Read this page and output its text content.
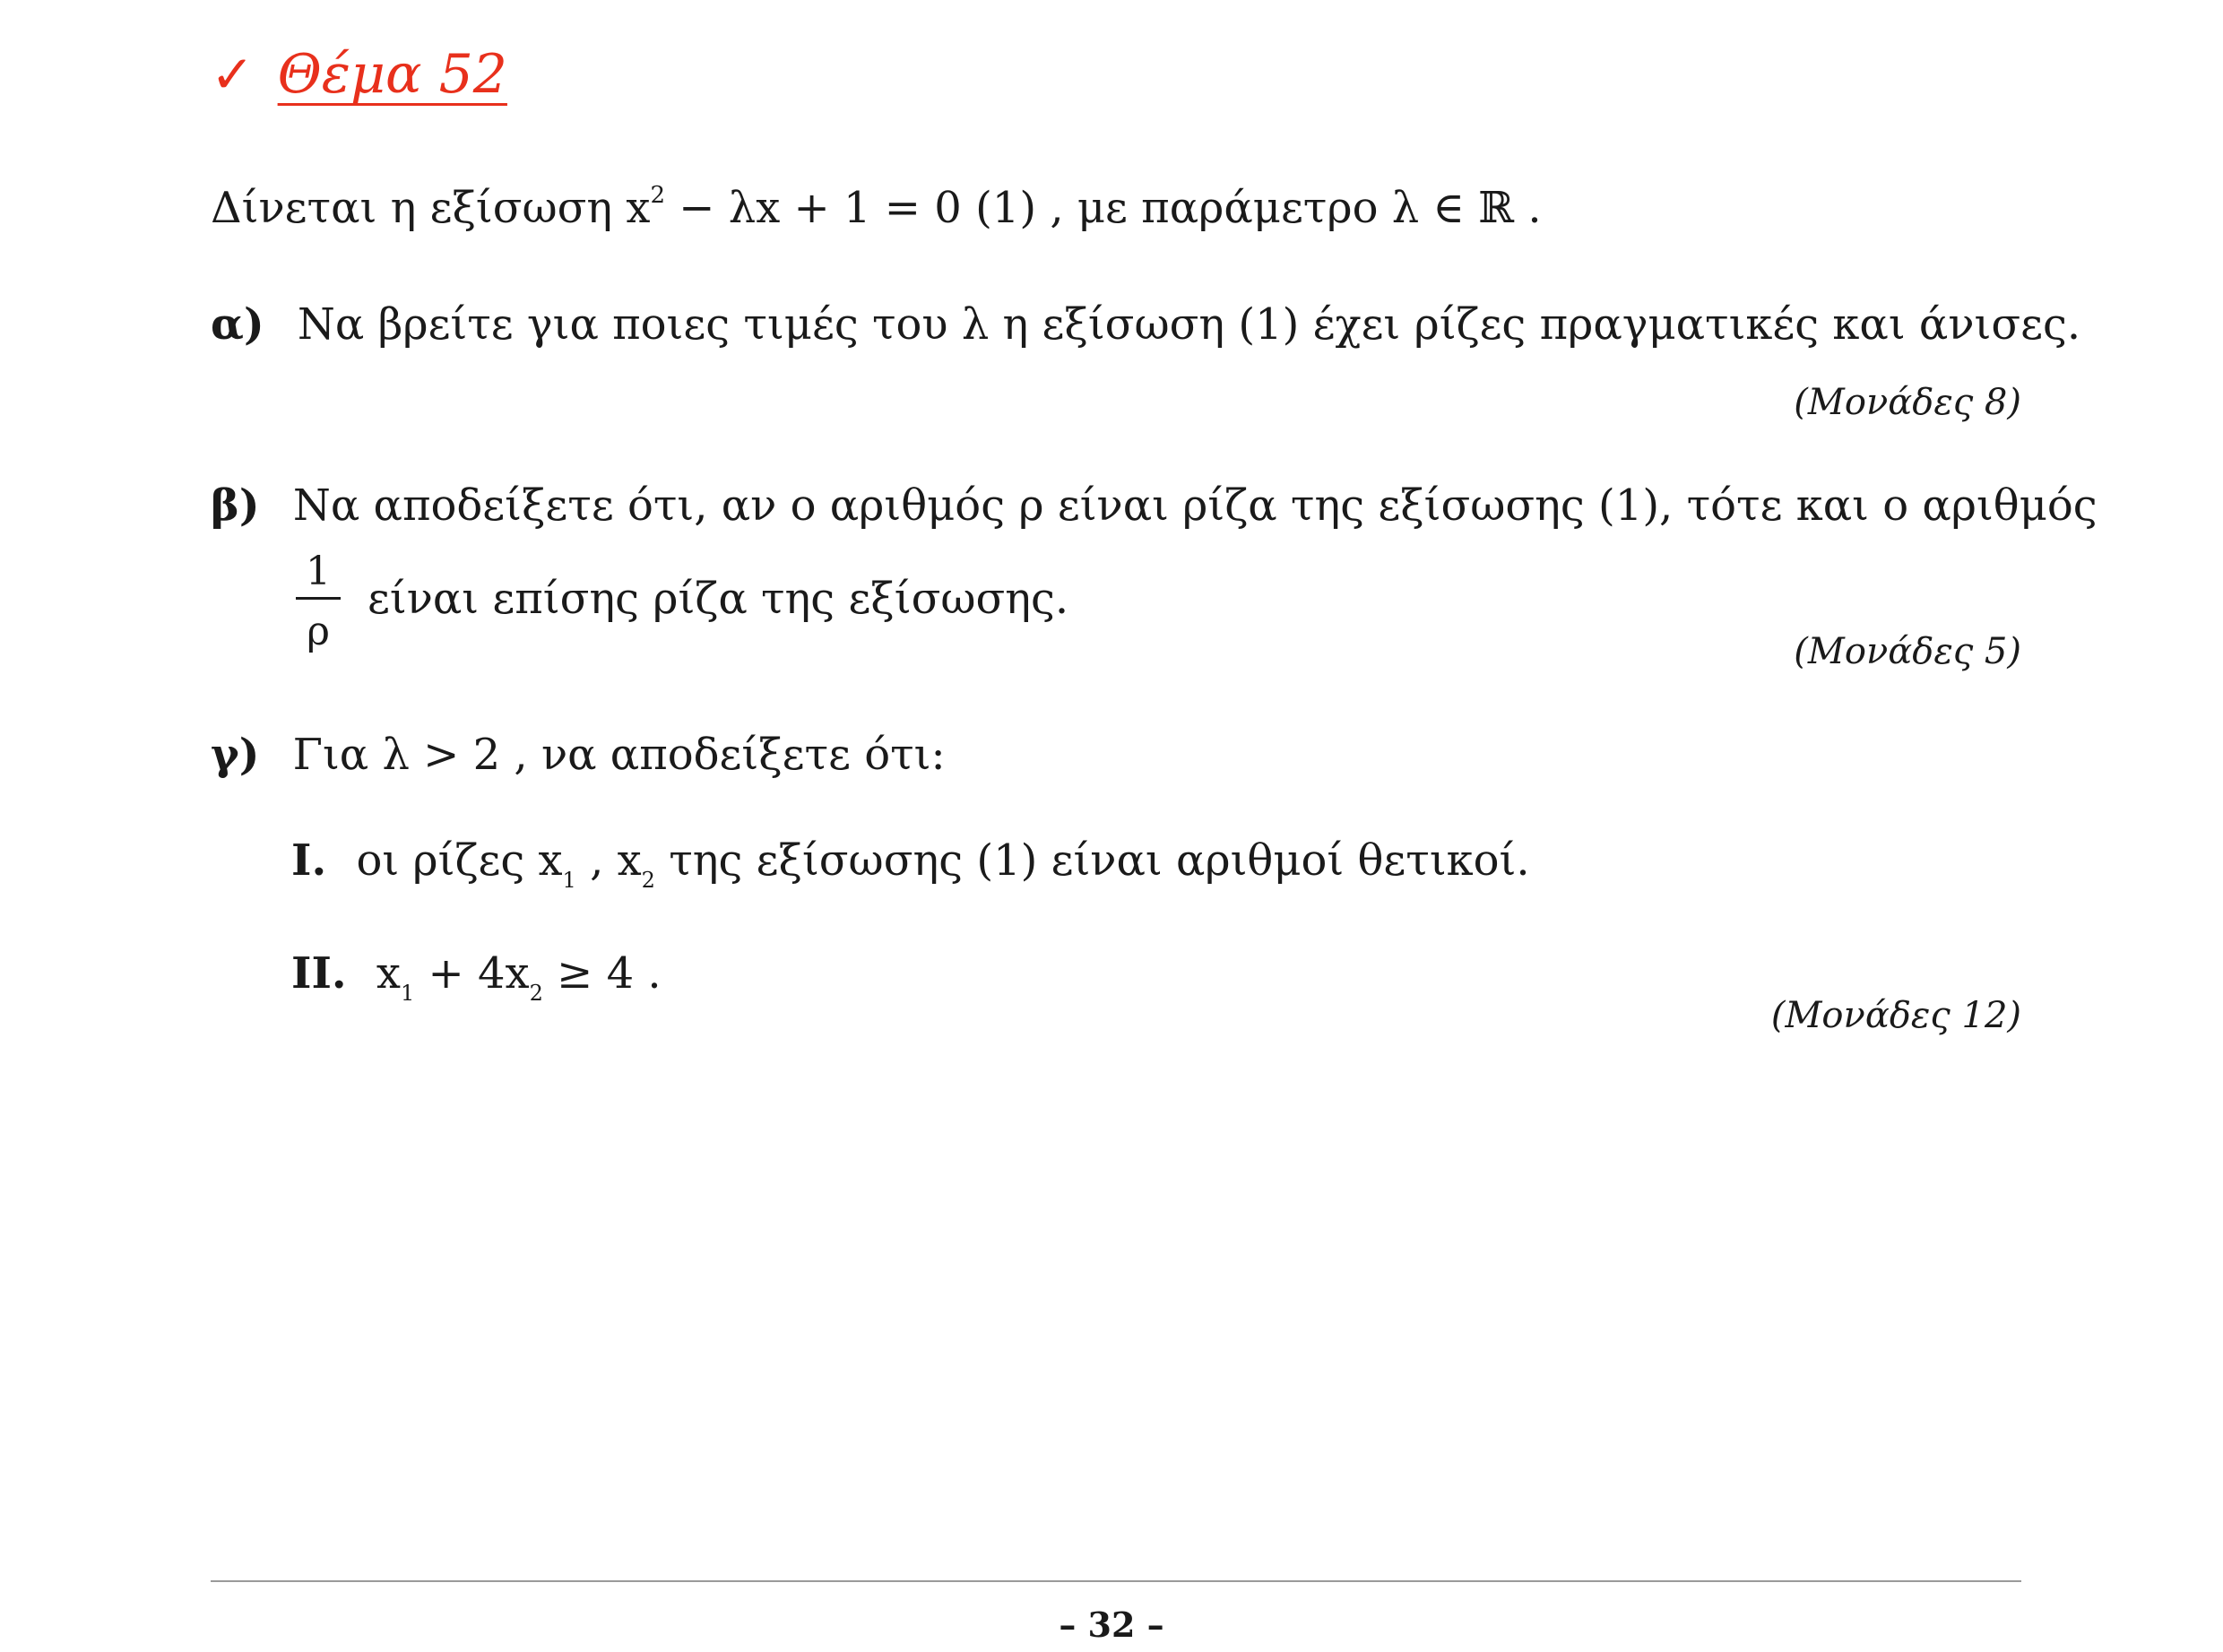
✓ Θέμα 52
Δίνεται η εξίσωση $x^2 - \lambda x + 1 = 0$ (1) , με παράμετρο λ ∈ ℝ .
α) Να βρείτε για ποιες τιμές του λ η εξίσωση (1) έχει ρίζες πραγματικές και άνισες.
(Μονάδες 8)
β) Να αποδείξετε ότι, αν ο αριθμός ρ είναι ρίζα της εξίσωσης (1), τότε και ο αριθμός
1
ρ
είναι επίσης ρίζα της εξίσωσης.
(Μονάδες 5)
γ) Για λ > 2 , να αποδείξετε ότι:
I. οι ρίζες $x_1$ , $x_2$ της εξίσωσης (1) είναι αριθμοί θετικοί.
II. $x_1 + 4x_2 \ge 4$ .
(Μονάδες 12)
– 32 –
